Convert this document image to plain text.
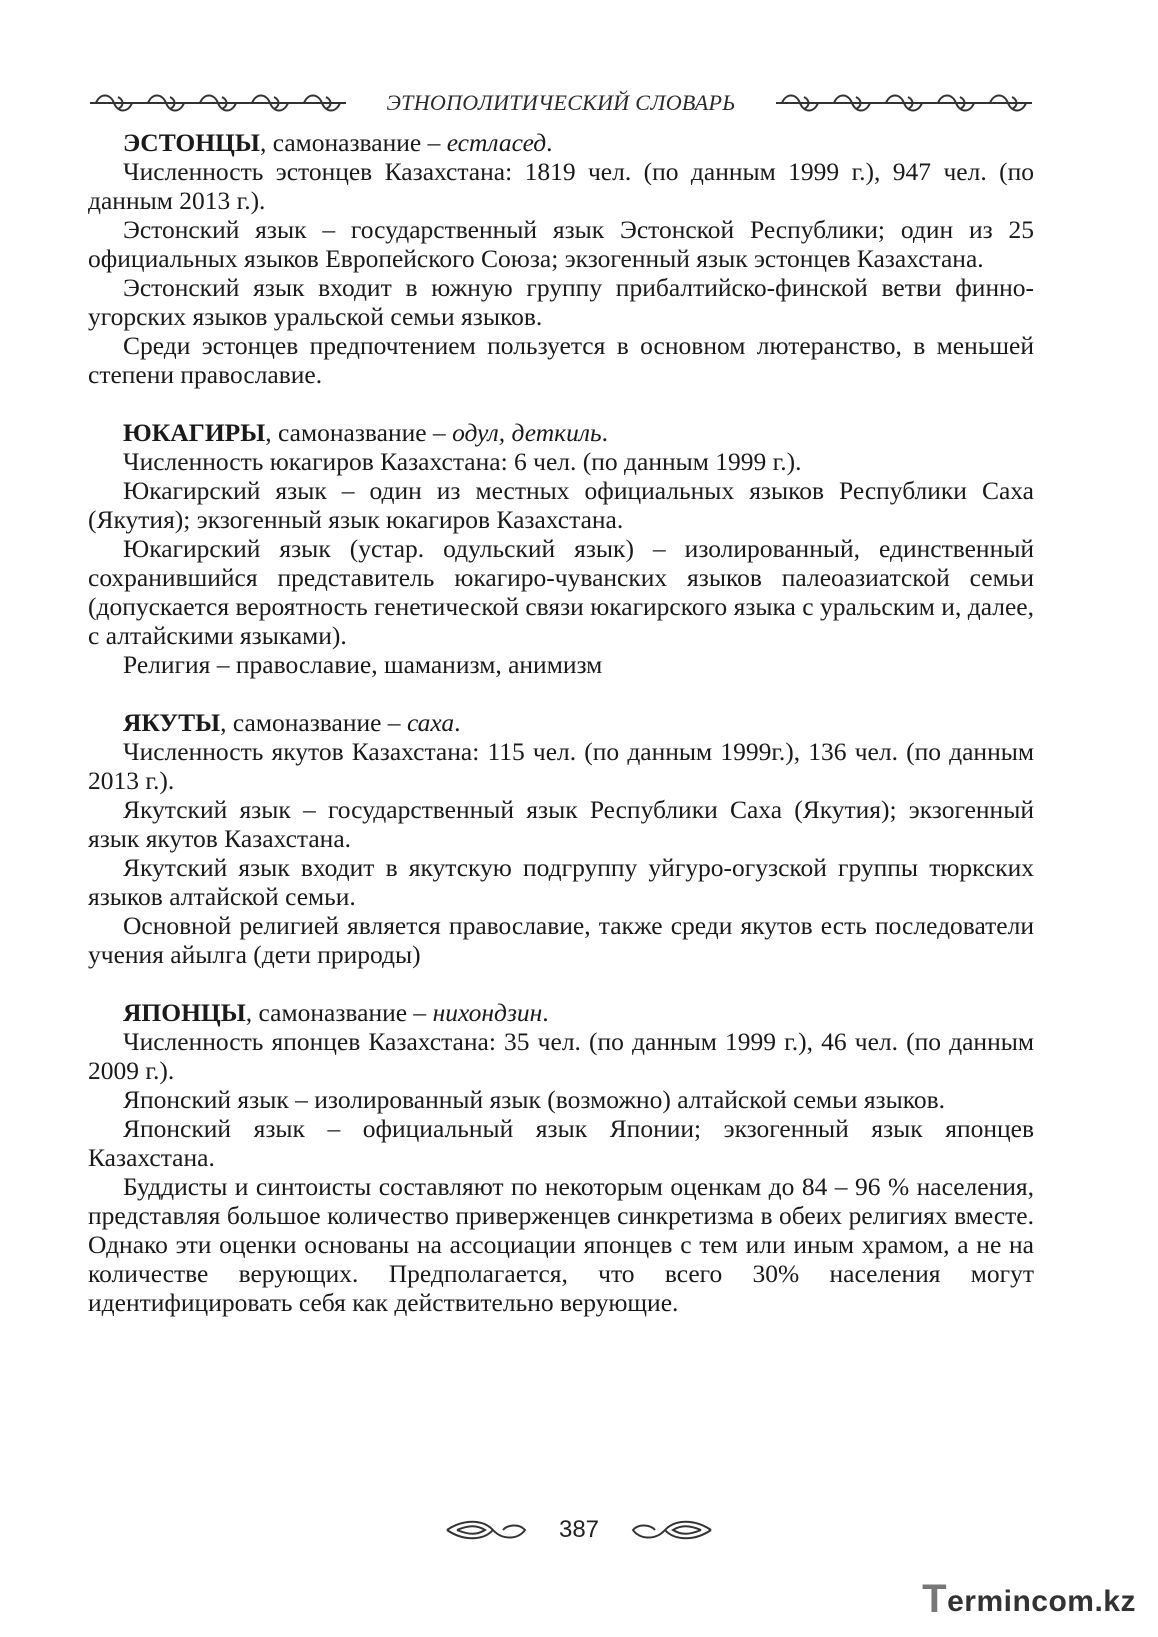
ЭТНОПОЛИТИЧЕСКИЙ СЛОВАРЬ

ЭСТОНЦЫ, самоназвание – естласед.

Численность эстонцев Казахстана: 1819 чел. (по данным 1999 г.), 947 чел. (по данным 2013 г.).

Эстонский язык – государственный язык Эстонской Республики; один из 25 официальных языков Европейского Союза; экзогенный язык эстонцев Казахстана.

Эстонский язык входит в южную группу прибалтийско-финской ветви финно-угорских языков уральской семьи языков.

Среди эстонцев предпочтением пользуется в основном лютеранство, в меньшей степени православие.

ЮКАГИРЫ, самоназвание – одул, деткиль.

Численность юкагиров Казахстана: 6 чел. (по данным 1999 г.).

Юкагирский язык – один из местных официальных языков Республики Саха (Якутия); экзогенный язык юкагиров Казахстана.

Юкагирский язык (устар. одульский язык) – изолированный, единственный сохранившийся представитель юкагиро-чуванских языков палеоазиатской семьи (допускается вероятность генетической связи юкагирского языка с уральским и, далее, с алтайскими языками).

Религия – православие, шаманизм, анимизм

ЯКУТЫ, самоназвание – саха.

Численность якутов Казахстана: 115 чел. (по данным 1999г.), 136 чел. (по данным 2013 г.).

Якутский язык – государственный язык Республики Саха (Якутия); экзогенный язык якутов Казахстана.

Якутский язык входит в якутскую подгруппу уйгуро-огузской группы тюркских языков алтайской семьи.

Основной религией является православие, также среди якутов есть последователи учения айылга (дети природы)

ЯПОНЦЫ, самоназвание – нихондзин.

Численность японцев Казахстана: 35 чел. (по данным 1999 г.), 46 чел. (по данным 2009 г.).

Японский язык – изолированный язык (возможно) алтайской семьи языков.

Японский язык – официальный язык Японии; экзогенный язык японцев Казахстана.

Буддисты и синтоисты составляют по некоторым оценкам до 84 – 96 % населения, представляя большое количество приверженцев синкретизма в обеих религиях вместе. Однако эти оценки основаны на ассоциации японцев с тем или иным храмом, а не на количестве верующих. Предполагается, что всего 30% населения могут идентифицировать себя как действительно верующие.

387
T ermincom.kz
